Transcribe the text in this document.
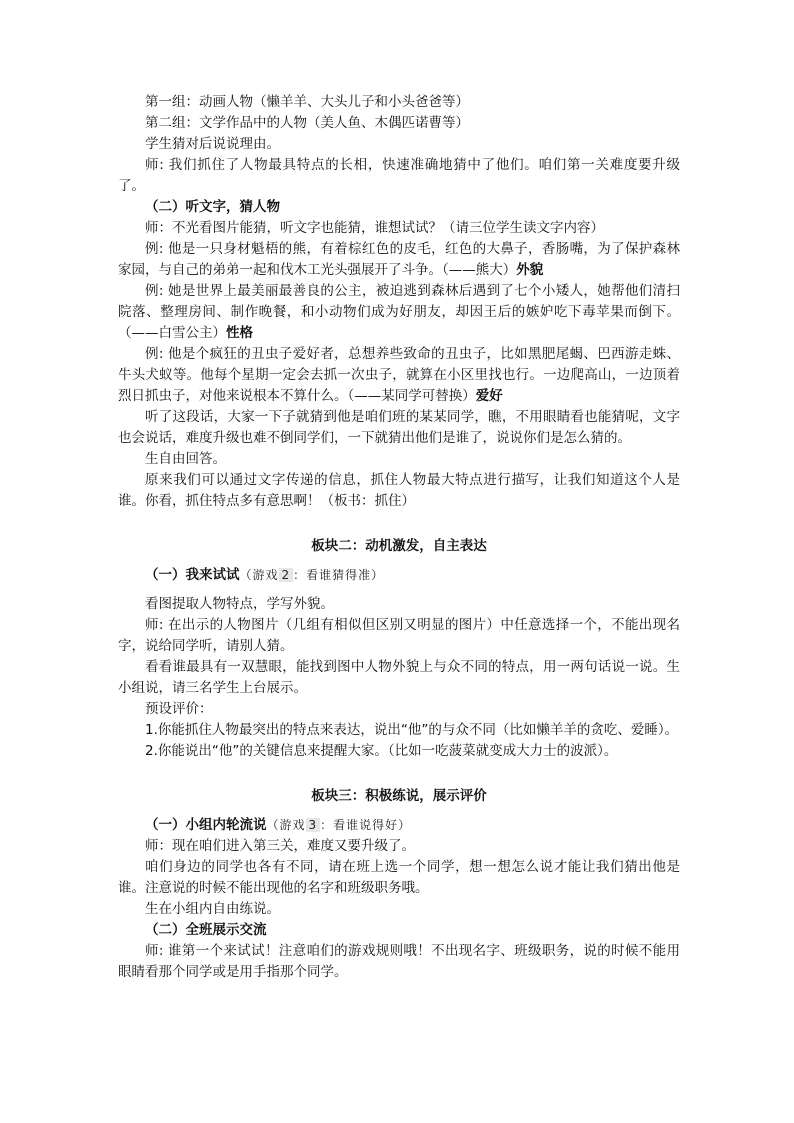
第一组：动画人物（懒羊羊、大头儿子和小头爸爸等）

第二组：文学作品中的人物（美人鱼、木偶匹诺曹等）

学生猜对后说说理由。

师: 我们抓住了人物最具特点的长相，快速准确地猜中了他们。咱们第一关难度要升级了。

（二）听文字，猜人物

师：不光看图片能猜，听文字也能猜，谁想试试？（请三位学生读文字内容）

例: 他是一只身材魁梧的熊，有着棕红色的皮毛，红色的大鼻子，香肠嘴，为了保护森林家园，与自己的弟弟一起和伐木工光头强展开了斗争。（——熊大）外貌

例: 她是世界上最美丽最善良的公主，被迫逃到森林后遇到了七个小矮人，她帮他们清扫院落、整理房间、制作晚餐，和小动物们成为好朋友，却因王后的嫉妒吃下毒苹果而倒下。（——白雪公主）性格

例: 他是个疯狂的丑虫子爱好者，总想养些致命的丑虫子，比如黑肥尾蝎、巴西游走蛛、牛头犬蚁等。他每个星期一定会去抓一次虫子，就算在小区里找也行。一边爬高山，一边顶着烈日抓虫子，对他来说根本不算什么。（——某同学可替换）爱好

听了这段话，大家一下子就猜到他是咱们班的某某同学，瞧，不用眼睛看也能猜呢，文字也会说话，难度升级也难不倒同学们，一下就猜出他们是谁了，说说你们是怎么猜的。

生自由回答。

原来我们可以通过文字传递的信息，抓住人物最大特点进行描写，让我们知道这个人是谁。你看，抓住特点多有意思啊！（板书：抓住）

板块二：动机激发，自主表达

（一）我来试试（游戏 2 ：看谁猜得准）

看图提取人物特点，学写外貌。

师: 在出示的人物图片（几组有相似但区别又明显的图片）中任意选择一个，不能出现名字，说给同学听，请别人猜。

看看谁最具有一双慧眼，能找到图中人物外貌上与众不同的特点，用一两句话说一说。生小组说，请三名学生上台展示。

预设评价：

1.你能抓住人物最突出的特点来表达，说出“他”的与众不同（比如懒羊羊的贪吃、爱睡）。

2.你能说出“他”的关键信息来提醒大家。（比如一吃菠菜就变成大力士的波派）。

板块三：积极练说，展示评价

（一）小组内轮流说（游戏 3 ：看谁说得好）

师：现在咱们进入第三关，难度又要升级了。

咱们身边的同学也各有不同，请在班上选一个同学，想一想怎么说才能让我们猜出他是谁。注意说的时候不能出现他的名字和班级职务哦。

生在小组内自由练说。

（二）全班展示交流

师: 谁第一个来试试！注意咱们的游戏规则哦！不出现名字、班级职务，说的时候不能用眼睛看那个同学或是用手指那个同学。
